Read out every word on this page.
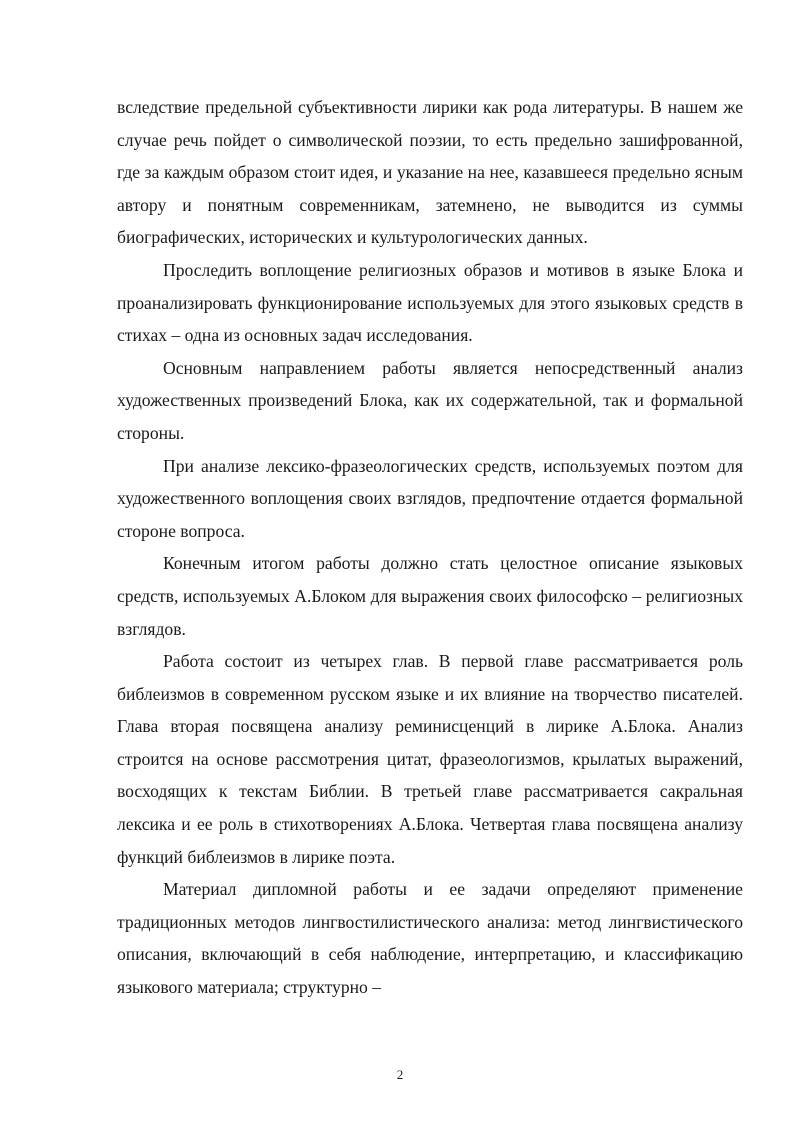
вследствие предельной субъективности лирики как рода литературы. В нашем же случае речь пойдет о символической поэзии, то есть предельно зашифрованной, где за каждым образом стоит идея, и указание на нее, казавшееся предельно ясным автору и понятным современникам, затемнено, не выводится из суммы биографических, исторических и культурологических данных.

Проследить воплощение религиозных образов и мотивов в языке Блока и проанализировать функционирование используемых для этого языковых средств в стихах – одна из основных задач исследования.

Основным направлением работы является непосредственный анализ художественных произведений Блока, как их содержательной, так и формальной стороны.

При анализе лексико-фразеологических средств, используемых поэтом для художественного воплощения своих взглядов, предпочтение отдается формальной стороне вопроса.

Конечным итогом работы должно стать целостное описание языковых средств, используемых А.Блоком для выражения своих философско – религиозных взглядов.

Работа состоит из четырех глав. В первой главе рассматривается роль библеизмов в современном русском языке и их влияние на творчество писателей. Глава вторая посвящена анализу реминисценций в лирике А.Блока. Анализ строится на основе рассмотрения цитат, фразеологизмов, крылатых выражений, восходящих к текстам Библии. В третьей главе рассматривается сакральная лексика и ее роль в стихотворениях А.Блока. Четвертая глава посвящена анализу функций библеизмов в лирике поэта.

Материал дипломной работы и ее задачи определяют применение традиционных методов лингвостилистического анализа: метод лингвистического описания, включающий в себя наблюдение, интерпретацию, и классификацию языкового материала; структурно –

2
